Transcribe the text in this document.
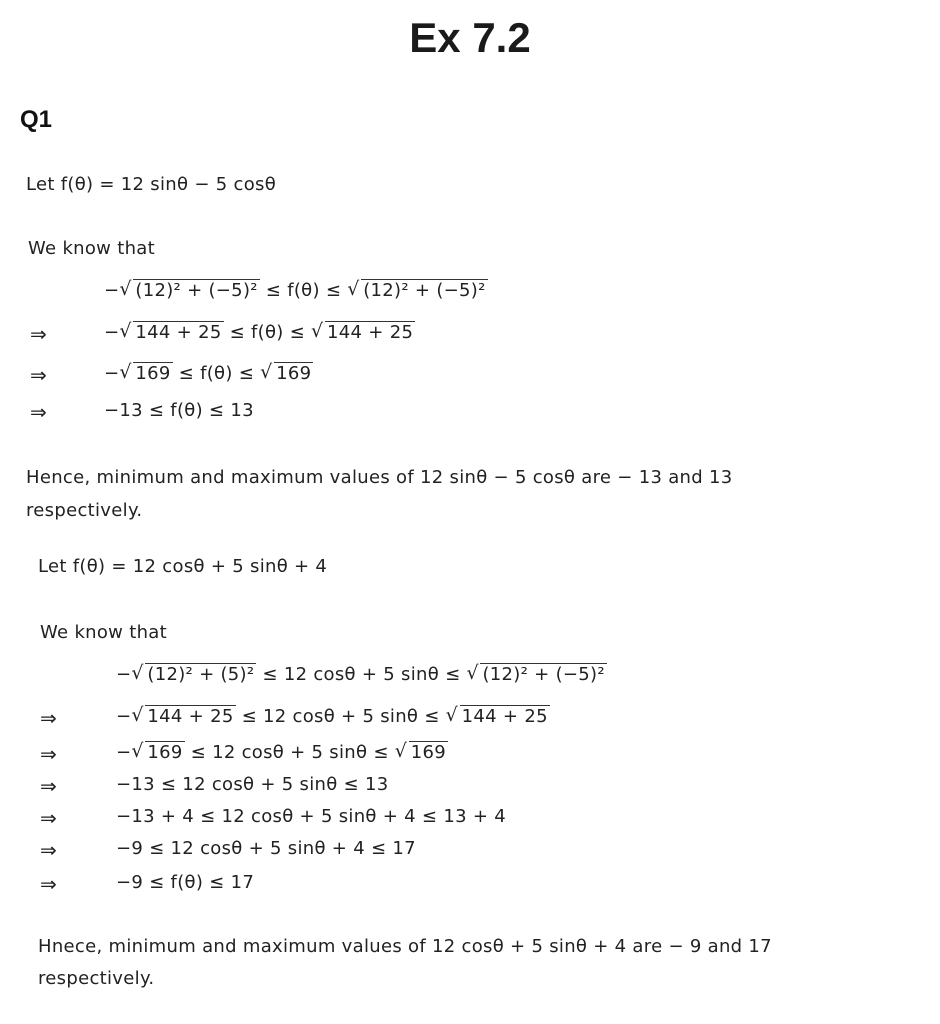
Ex 7.2
Q1
Let f(θ) = 12 sinθ − 5 cosθ
We know that
− √ (12)² + (−5)² ≤ f(θ) ≤ √ (12)² + (−5)²
⇒	− √ 144 + 25 ≤ f(θ) ≤ √ 144 + 25
⇒	− √ 169 ≤ f(θ) ≤ √ 169
⇒	−13 ≤ f(θ) ≤ 13
Hence, minimum and maximum values of 12 sinθ − 5 cosθ are − 13 and 13
respectively.
Let f(θ) = 12 cosθ + 5 sinθ + 4
We know that
− √ (12)² + (5)² ≤ 12 cosθ + 5 sinθ ≤ √ (12)² + (−5)²
⇒	− √ 144 + 25 ≤ 12 cosθ + 5 sinθ ≤ √ 144 + 25
⇒	− √ 169 ≤ 12 cosθ + 5 sinθ ≤ √ 169
⇒	−13 ≤ 12 cosθ + 5 sinθ ≤ 13
⇒	−13 + 4 ≤ 12 cosθ + 5 sinθ + 4 ≤ 13 + 4
⇒	−9 ≤ 12 cosθ + 5 sinθ + 4 ≤ 17
⇒	−9 ≤ f(θ) ≤ 17
Hnece, minimum and maximum values of 12 cosθ + 5 sinθ + 4 are − 9 and 17
respectively.
